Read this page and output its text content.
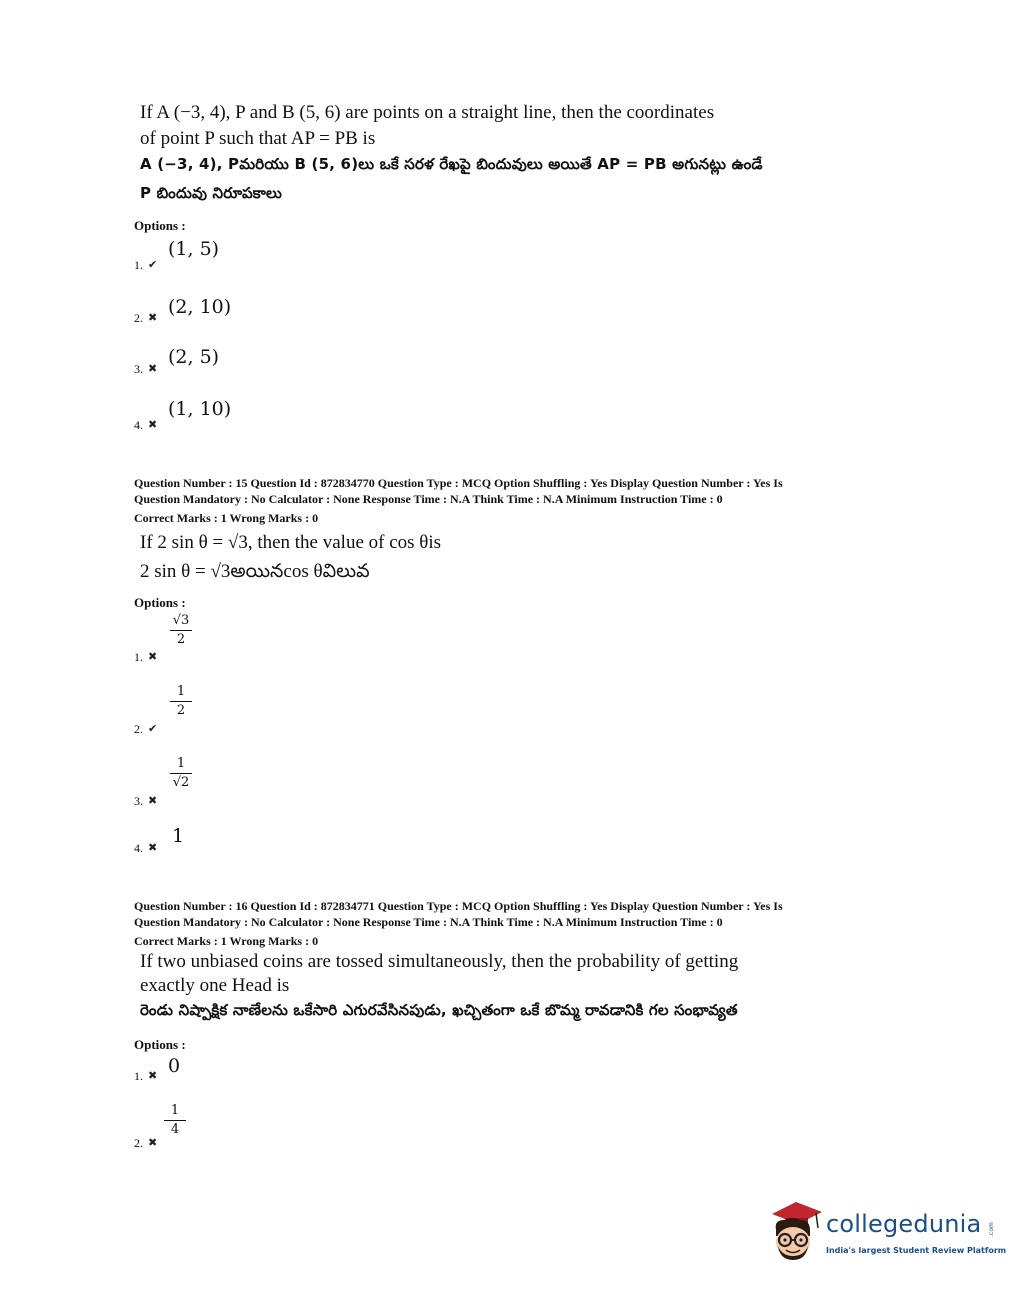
If A (−3, 4), P and B (5, 6) are points on a straight line, then the coordinates
of point P such that AP = PB is
A (−3, 4), Pమరియు B (5, 6)లు ఒకే సరళ రేఖపై బిందువులు అయితే AP = PB అగునట్లు ఉండే
P బిందువు నిరూపకాలు
Options :
1. ✔
(1, 5)
2. ✖ (2, 10)
3. ✖
(2, 5)
4. ✖
(1, 10)
Question Number : 15 Question Id : 872834770 Question Type : MCQ Option Shuffling : Yes Display Question Number : Yes Is
Question Mandatory : No Calculator : None Response Time : N.A Think Time : N.A Minimum Instruction Time : 0
Correct Marks : 1 Wrong Marks : 0
If 2 sin θ = √3, then the value of cos θis
2 sin θ = √3అయినcos θవిలువ
Options :
1. ✖
$\frac{√3}{2}$
2. ✔
$\frac{1}{2}$
3. ✖
$\frac{1}{√2}$
4. ✖
1
Question Number : 16 Question Id : 872834771 Question Type : MCQ Option Shuffling : Yes Display Question Number : Yes Is
Question Mandatory : No Calculator : None Response Time : N.A Think Time : N.A Minimum Instruction Time : 0
Correct Marks : 1 Wrong Marks : 0
If two unbiased coins are tossed simultaneously, then the probability of getting
exactly one Head is
రెండు నిష్పాక్షిక నాణేలను ఒకేసారి ఎగురవేసినపుడు, ఖచ్చితంగా ఒకే బొమ్మ రావడానికి గల సంభావ్యత
Options :
1. ✖ 0
2. ✖
$\frac{1}{4}$
collegedunia .com
India's largest Student Review Platform
